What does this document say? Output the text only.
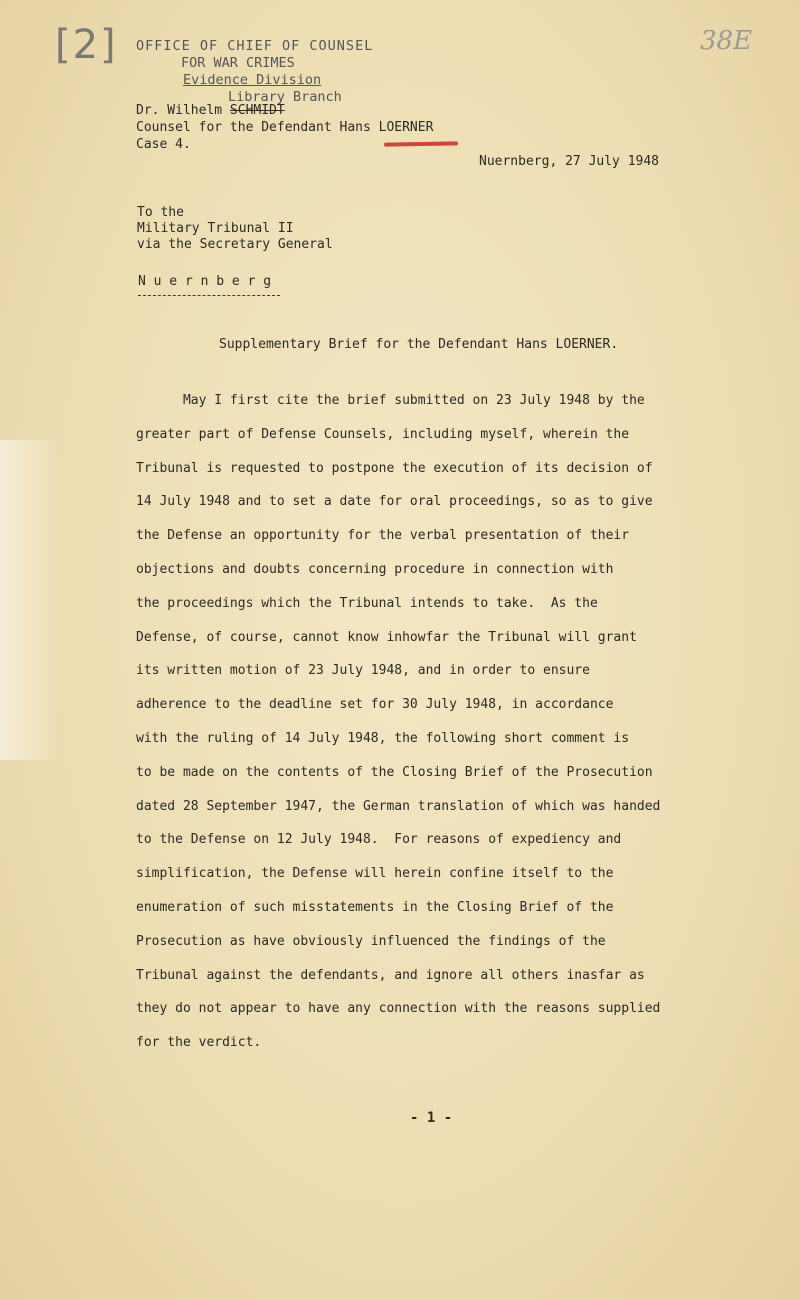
[2] OFFICE OF CHIEF OF COUNSEL
FOR WAR CRIMES
Evidence Division
Library Branch
38E
Dr. Wilhelm SCHMIDT
Counsel for the Defendant Hans LOERNER
Case 4.
Nuernberg, 27 July 1948
To the
Military Tribunal II
via the Secretary General
N u e r n b e r g
Supplementary Brief for the Defendant Hans LOERNER.

May I first cite the brief submitted on 23 July 1948 by the

greater part of Defense Counsels, including myself, wherein the

Tribunal is requested to postpone the execution of its decision of

14 July 1948 and to set a date for oral proceedings, so as to give

the Defense an opportunity for the verbal presentation of their

objections and doubts concerning procedure in connection with

the proceedings which the Tribunal intends to take.  As the

Defense, of course, cannot know inhowfar the Tribunal will grant

its written motion of 23 July 1948, and in order to ensure

adherence to the deadline set for 30 July 1948, in accordance

with the ruling of 14 July 1948, the following short comment is

to be made on the contents of the Closing Brief of the Prosecution

dated 28 September 1947, the German translation of which was handed

to the Defense on 12 July 1948.  For reasons of expediency and

simplification, the Defense will herein confine itself to the

enumeration of such misstatements in the Closing Brief of the

Prosecution as have obviously influenced the findings of the

Tribunal against the defendants, and ignore all others inasfar as

they do not appear to have any connection with the reasons supplied

for the verdict.

- 1 -
